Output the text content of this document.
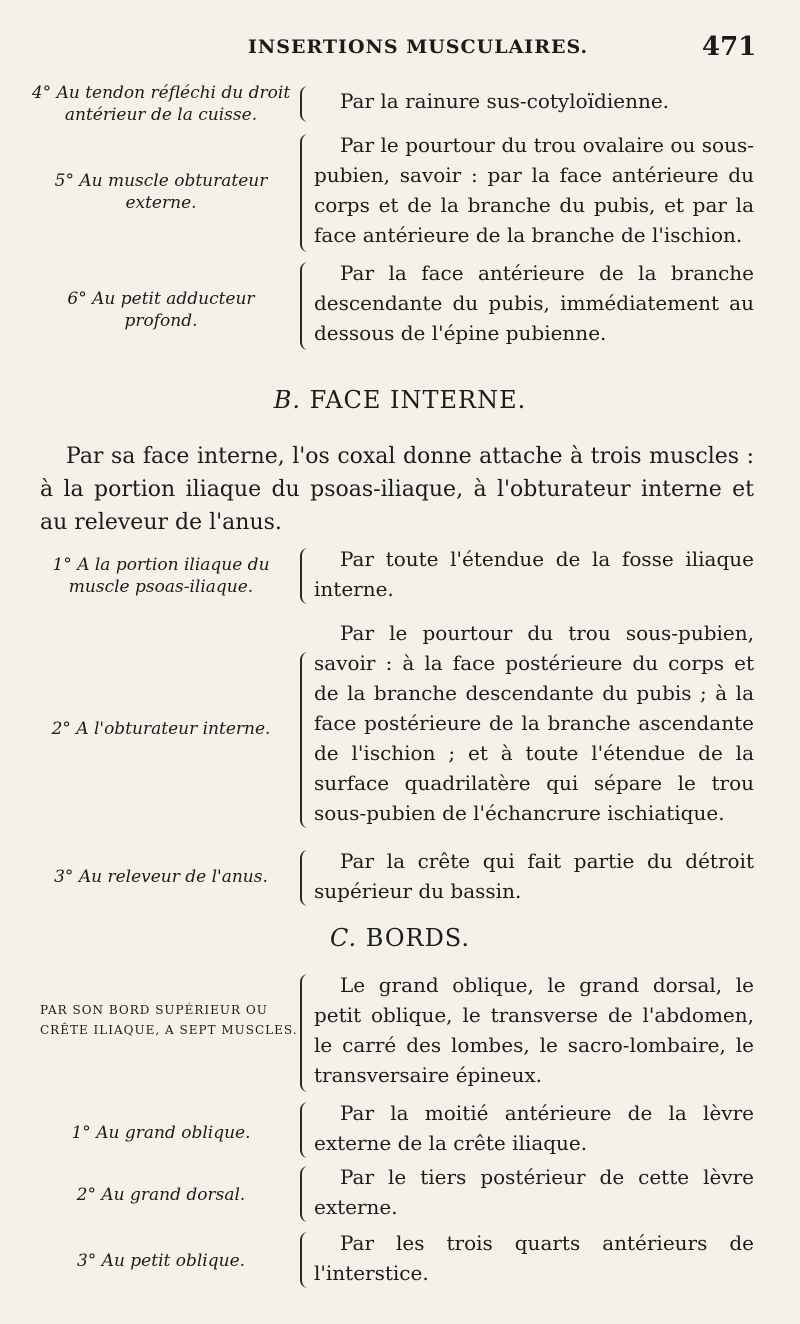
INSERTIONS MUSCULAIRES.	471
4° Au tendon réfléchi du droit antérieur de la cuisse.

Par la rainure sus-cotyloïdienne.

5° Au muscle obturateur externe.

Par le pourtour du trou ovalaire ou sous-pubien, savoir : par la face antérieure du corps et de la branche du pubis, et par la face antérieure de la branche de l'ischion.

6° Au petit adducteur profond.

Par la face antérieure de la branche descendante du pubis, immédiatement au dessous de l'épine pubienne.

B. FACE INTERNE.
Par sa face interne, l'os coxal donne attache à trois muscles : à la portion iliaque du psoas-iliaque, à l'obturateur interne et au releveur de l'anus.
1° A la portion iliaque du muscle psoas-iliaque.

Par toute l'étendue de la fosse iliaque interne.

2° A l'obturateur interne.

Par le pourtour du trou sous-pubien, savoir : à la face postérieure du corps et de la branche descendante du pubis ; à la face postérieure de la branche ascendante de l'ischion ; et à toute l'étendue de la surface quadrilatère qui sépare le trou sous-pubien de l'échancrure ischiatique.

3° Au releveur de l'anus.

Par la crête qui fait partie du détroit supérieur du bassin.

C. BORDS.
PAR SON BORD SUPÉRIEUR OU CRÊTE ILIAQUE, A SEPT MUSCLES.

Le grand oblique, le grand dorsal, le petit oblique, le transverse de l'abdomen, le carré des lombes, le sacro-lombaire, le transversaire épineux.

1° Au grand oblique.

Par la moitié antérieure de la lèvre externe de la crête iliaque.

2° Au grand dorsal.

Par le tiers postérieur de cette lèvre externe.

3° Au petit oblique.

Par les trois quarts antérieurs de l'interstice.
